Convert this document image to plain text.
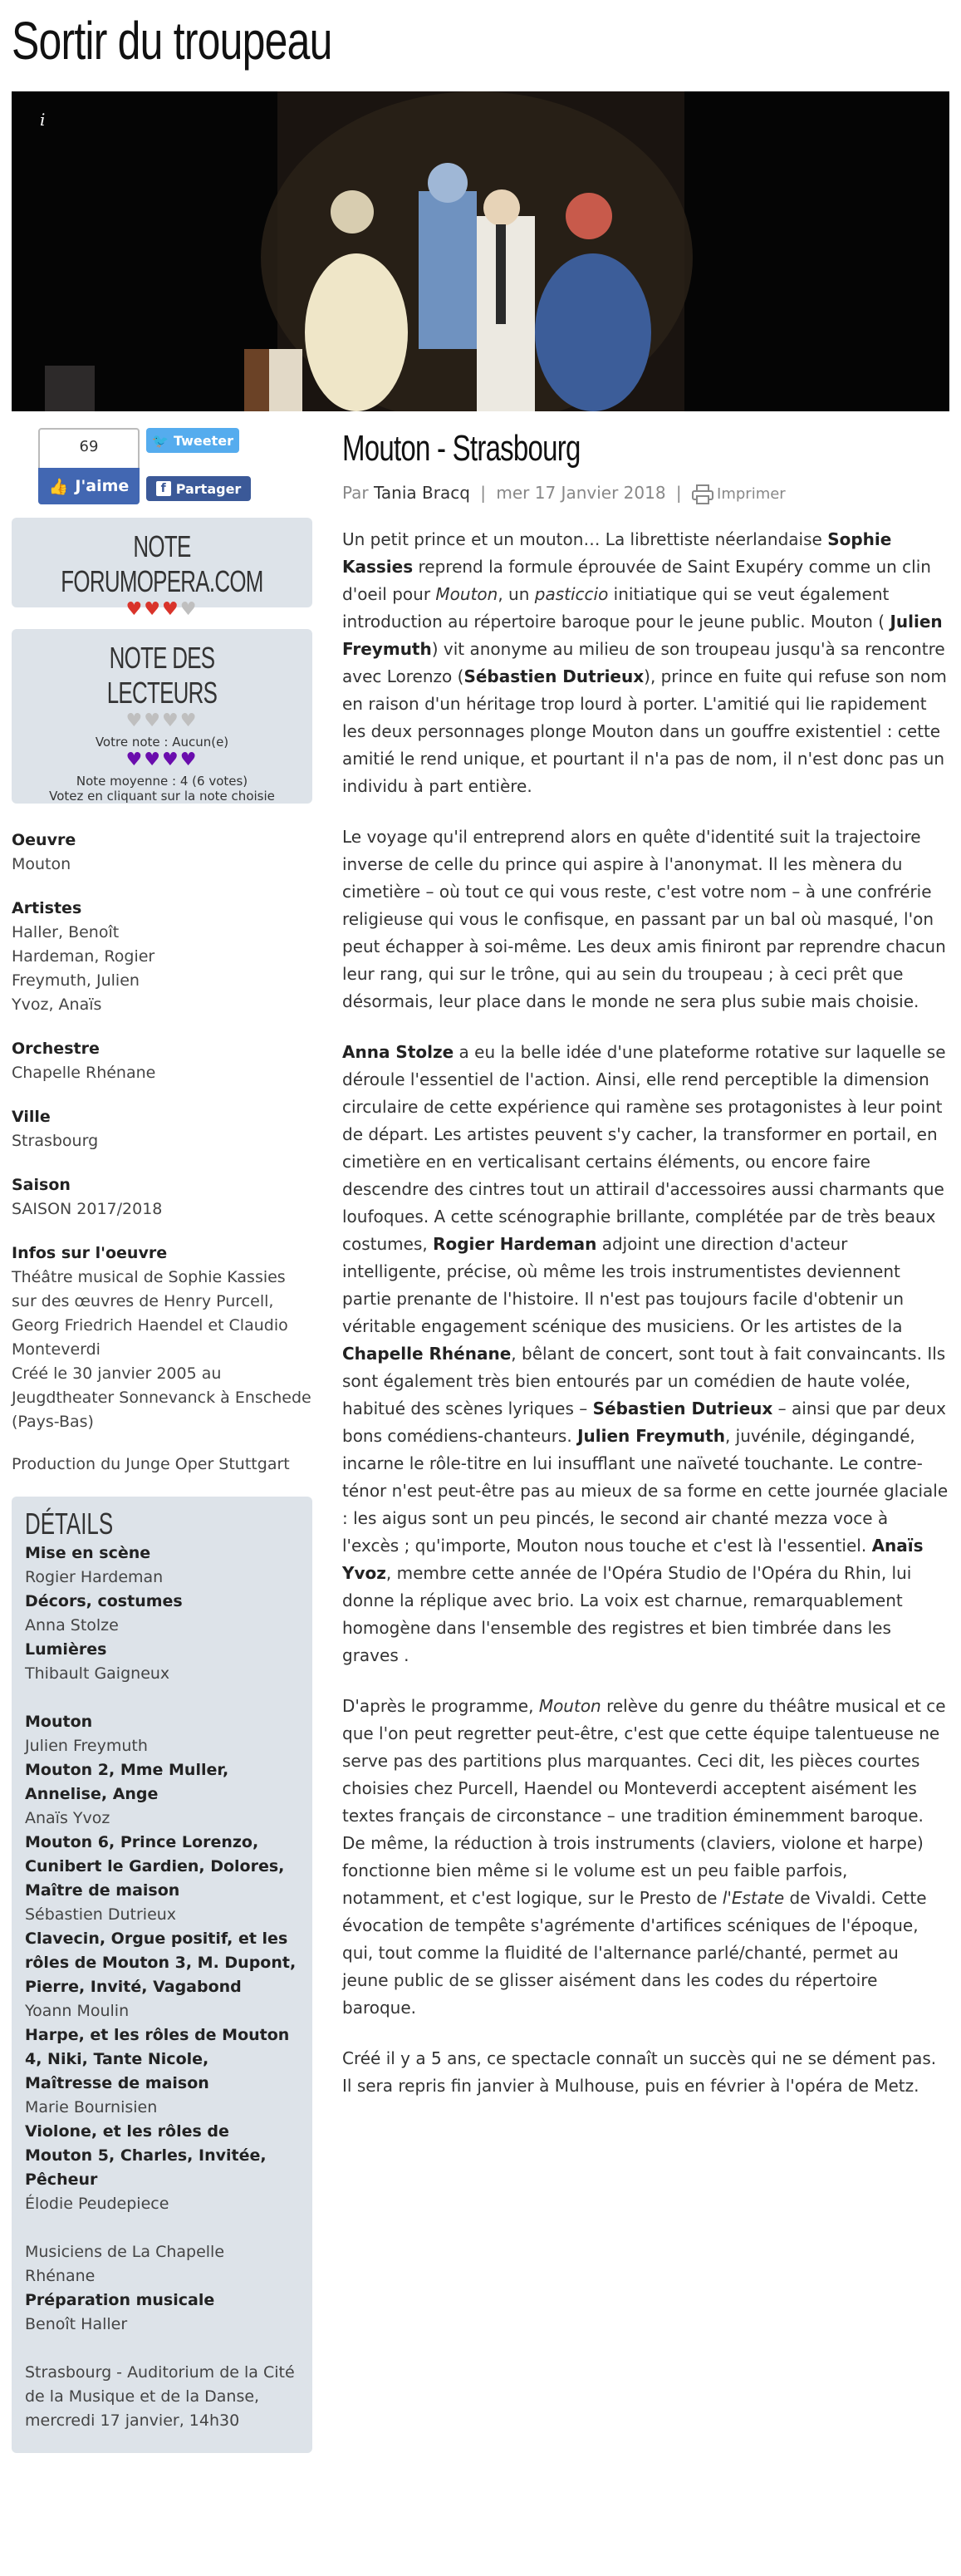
Sortir du troupeau
i
69
👍 J'aime
🐦 Tweeter
f Partager
NOTE FORUMOPERA.COM
♥♥♥♥
NOTE DES LECTEURS
♥♥♥♥
Votre note : Aucun(e)
♥♥♥♥
Note moyenne : 4 (6 votes)
Votez en cliquant sur la note choisie
Oeuvre
Mouton
Artistes
Haller, Benoît
Hardeman, Rogier
Freymuth, Julien
Yvoz, Anaïs
Orchestre
Chapelle Rhénane
Ville
Strasbourg
Saison
SAISON 2017/2018
Infos sur l'oeuvre
Théâtre musical de Sophie Kassies sur des œuvres de Henry Purcell, Georg Friedrich Haendel et Claudio Monteverdi
Créé le 30 janvier 2005 au Jeugdtheater Sonnevanck à Enschede (Pays-Bas)
Production du Junge Oper Stuttgart
DÉTAILS
Mise en scène
Rogier Hardeman
Décors, costumes
Anna Stolze
Lumières
Thibault Gaigneux
Mouton
Julien Freymuth
Mouton 2, Mme Muller, Annelise, Ange
Anaïs Yvoz
Mouton 6, Prince Lorenzo, Cunibert le Gardien, Dolores, Maître de maison
Sébastien Dutrieux
Clavecin, Orgue positif, et les rôles de Mouton 3, M. Dupont, Pierre, Invité, Vagabond
Yoann Moulin
Harpe, et les rôles de Mouton 4, Niki, Tante Nicole, Maîtresse de maison
Marie Bournisien
Violone, et les rôles de Mouton 5, Charles, Invitée, Pêcheur
Élodie Peudepiece
Musiciens de La Chapelle Rhénane
Préparation musicale
Benoît Haller
Strasbourg - Auditorium de la Cité de la Musique et de la Danse, mercredi 17 janvier, 14h30
Mouton - Strasbourg
Par Tania Bracq | mer 17 Janvier 2018 | Imprimer

Un petit prince et un mouton… La librettiste néerlandaise Sophie Kassies reprend la formule éprouvée de Saint Exupéry comme un clin d'oeil pour Mouton, un pasticcio initiatique qui se veut également introduction au répertoire baroque pour le jeune public. Mouton ( Julien Freymuth) vit anonyme au milieu de son troupeau jusqu'à sa rencontre avec Lorenzo (Sébastien Dutrieux), prince en fuite qui refuse son nom en raison d'un héritage trop lourd à porter. L'amitié qui lie rapidement les deux personnages plonge Mouton dans un gouffre existentiel : cette amitié le rend unique, et pourtant il n'a pas de nom, il n'est donc pas un individu à part entière.

Le voyage qu'il entreprend alors en quête d'identité suit la trajectoire inverse de celle du prince qui aspire à l'anonymat. Il les mènera du cimetière – où tout ce qui vous reste, c'est votre nom – à une confrérie religieuse qui vous le confisque, en passant par un bal où masqué, l'on peut échapper à soi-même. Les deux amis finiront par reprendre chacun leur rang, qui sur le trône, qui au sein du troupeau ; à ceci prêt que désormais, leur place dans le monde ne sera plus subie mais choisie.

Anna Stolze a eu la belle idée d'une plateforme rotative sur laquelle se déroule l'essentiel de l'action. Ainsi, elle rend perceptible la dimension circulaire de cette expérience qui ramène ses protagonistes à leur point de départ. Les artistes peuvent s'y cacher, la transformer en portail, en cimetière en en verticalisant certains éléments, ou encore faire descendre des cintres tout un attirail d'accessoires aussi charmants que loufoques. A cette scénographie brillante, complétée par de très beaux costumes, Rogier Hardeman adjoint une direction d'acteur intelligente, précise, où même les trois instrumentistes deviennent partie prenante de l'histoire. Il n'est pas toujours facile d'obtenir un véritable engagement scénique des musiciens. Or les artistes de la Chapelle Rhénane, bêlant de concert, sont tout à fait convaincants. Ils sont également très bien entourés par un comédien de haute volée, habitué des scènes lyriques – Sébastien Dutrieux – ainsi que par deux bons comédiens-chanteurs. Julien Freymuth, juvénile, dégingandé, incarne le rôle-titre en lui insufflant une naïveté touchante. Le contre-ténor n'est peut-être pas au mieux de sa forme en cette journée glaciale : les aigus sont un peu pincés, le second air chanté mezza voce à l'excès ; qu'importe, Mouton nous touche et c'est là l'essentiel. Anaïs Yvoz, membre cette année de l'Opéra Studio de l'Opéra du Rhin, lui donne la réplique avec brio. La voix est charnue, remarquablement homogène dans l'ensemble des registres et bien timbrée dans les graves .

D'après le programme, Mouton relève du genre du théâtre musical et ce que l'on peut regretter peut-être, c'est que cette équipe talentueuse ne serve pas des partitions plus marquantes. Ceci dit, les pièces courtes choisies chez Purcell, Haendel ou Monteverdi acceptent aisément les textes français de circonstance – une tradition éminemment baroque. De même, la réduction à trois instruments (claviers, violone et harpe) fonctionne bien même si le volume est un peu faible parfois, notamment, et c'est logique, sur le Presto de l'Estate de Vivaldi. Cette évocation de tempête s'agrémente d'artifices scéniques de l'époque, qui, tout comme la fluidité de l'alternance parlé/chanté, permet au jeune public de se glisser aisément dans les codes du répertoire baroque.

Créé il y a 5 ans, ce spectacle connaît un succès qui ne se dément pas. Il sera repris fin janvier à Mulhouse, puis en février à l'opéra de Metz.
